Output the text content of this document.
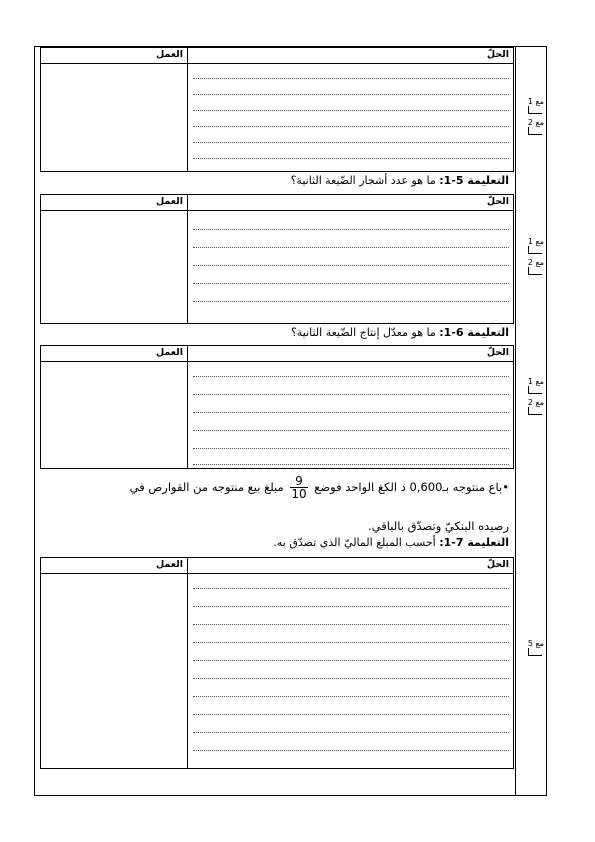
العمل	الحلّ
التعليمة 5-1: ما هو عدد أشجار الضّيعة الثانية؟
العمل	الحلّ
التعليمة 6-1: ما هو معدّل إنتاج الضّيعة الثانية؟
العمل	الحلّ
•باع منتوجه بـ0,600 د الكغ الواحد فوضع
$\frac{9}{10}$
مبلغ بيع منتوجه من القوارص في
رصيده البنكيّ وتصدّق بالباقي.
التعليمة 7-1: أحسب المبلغ الماليّ الذي تصدّق به.
العمل	الحلّ
مع 1
مع 2
مع 1
مع 2
مع 1
مع 2
مع 5
